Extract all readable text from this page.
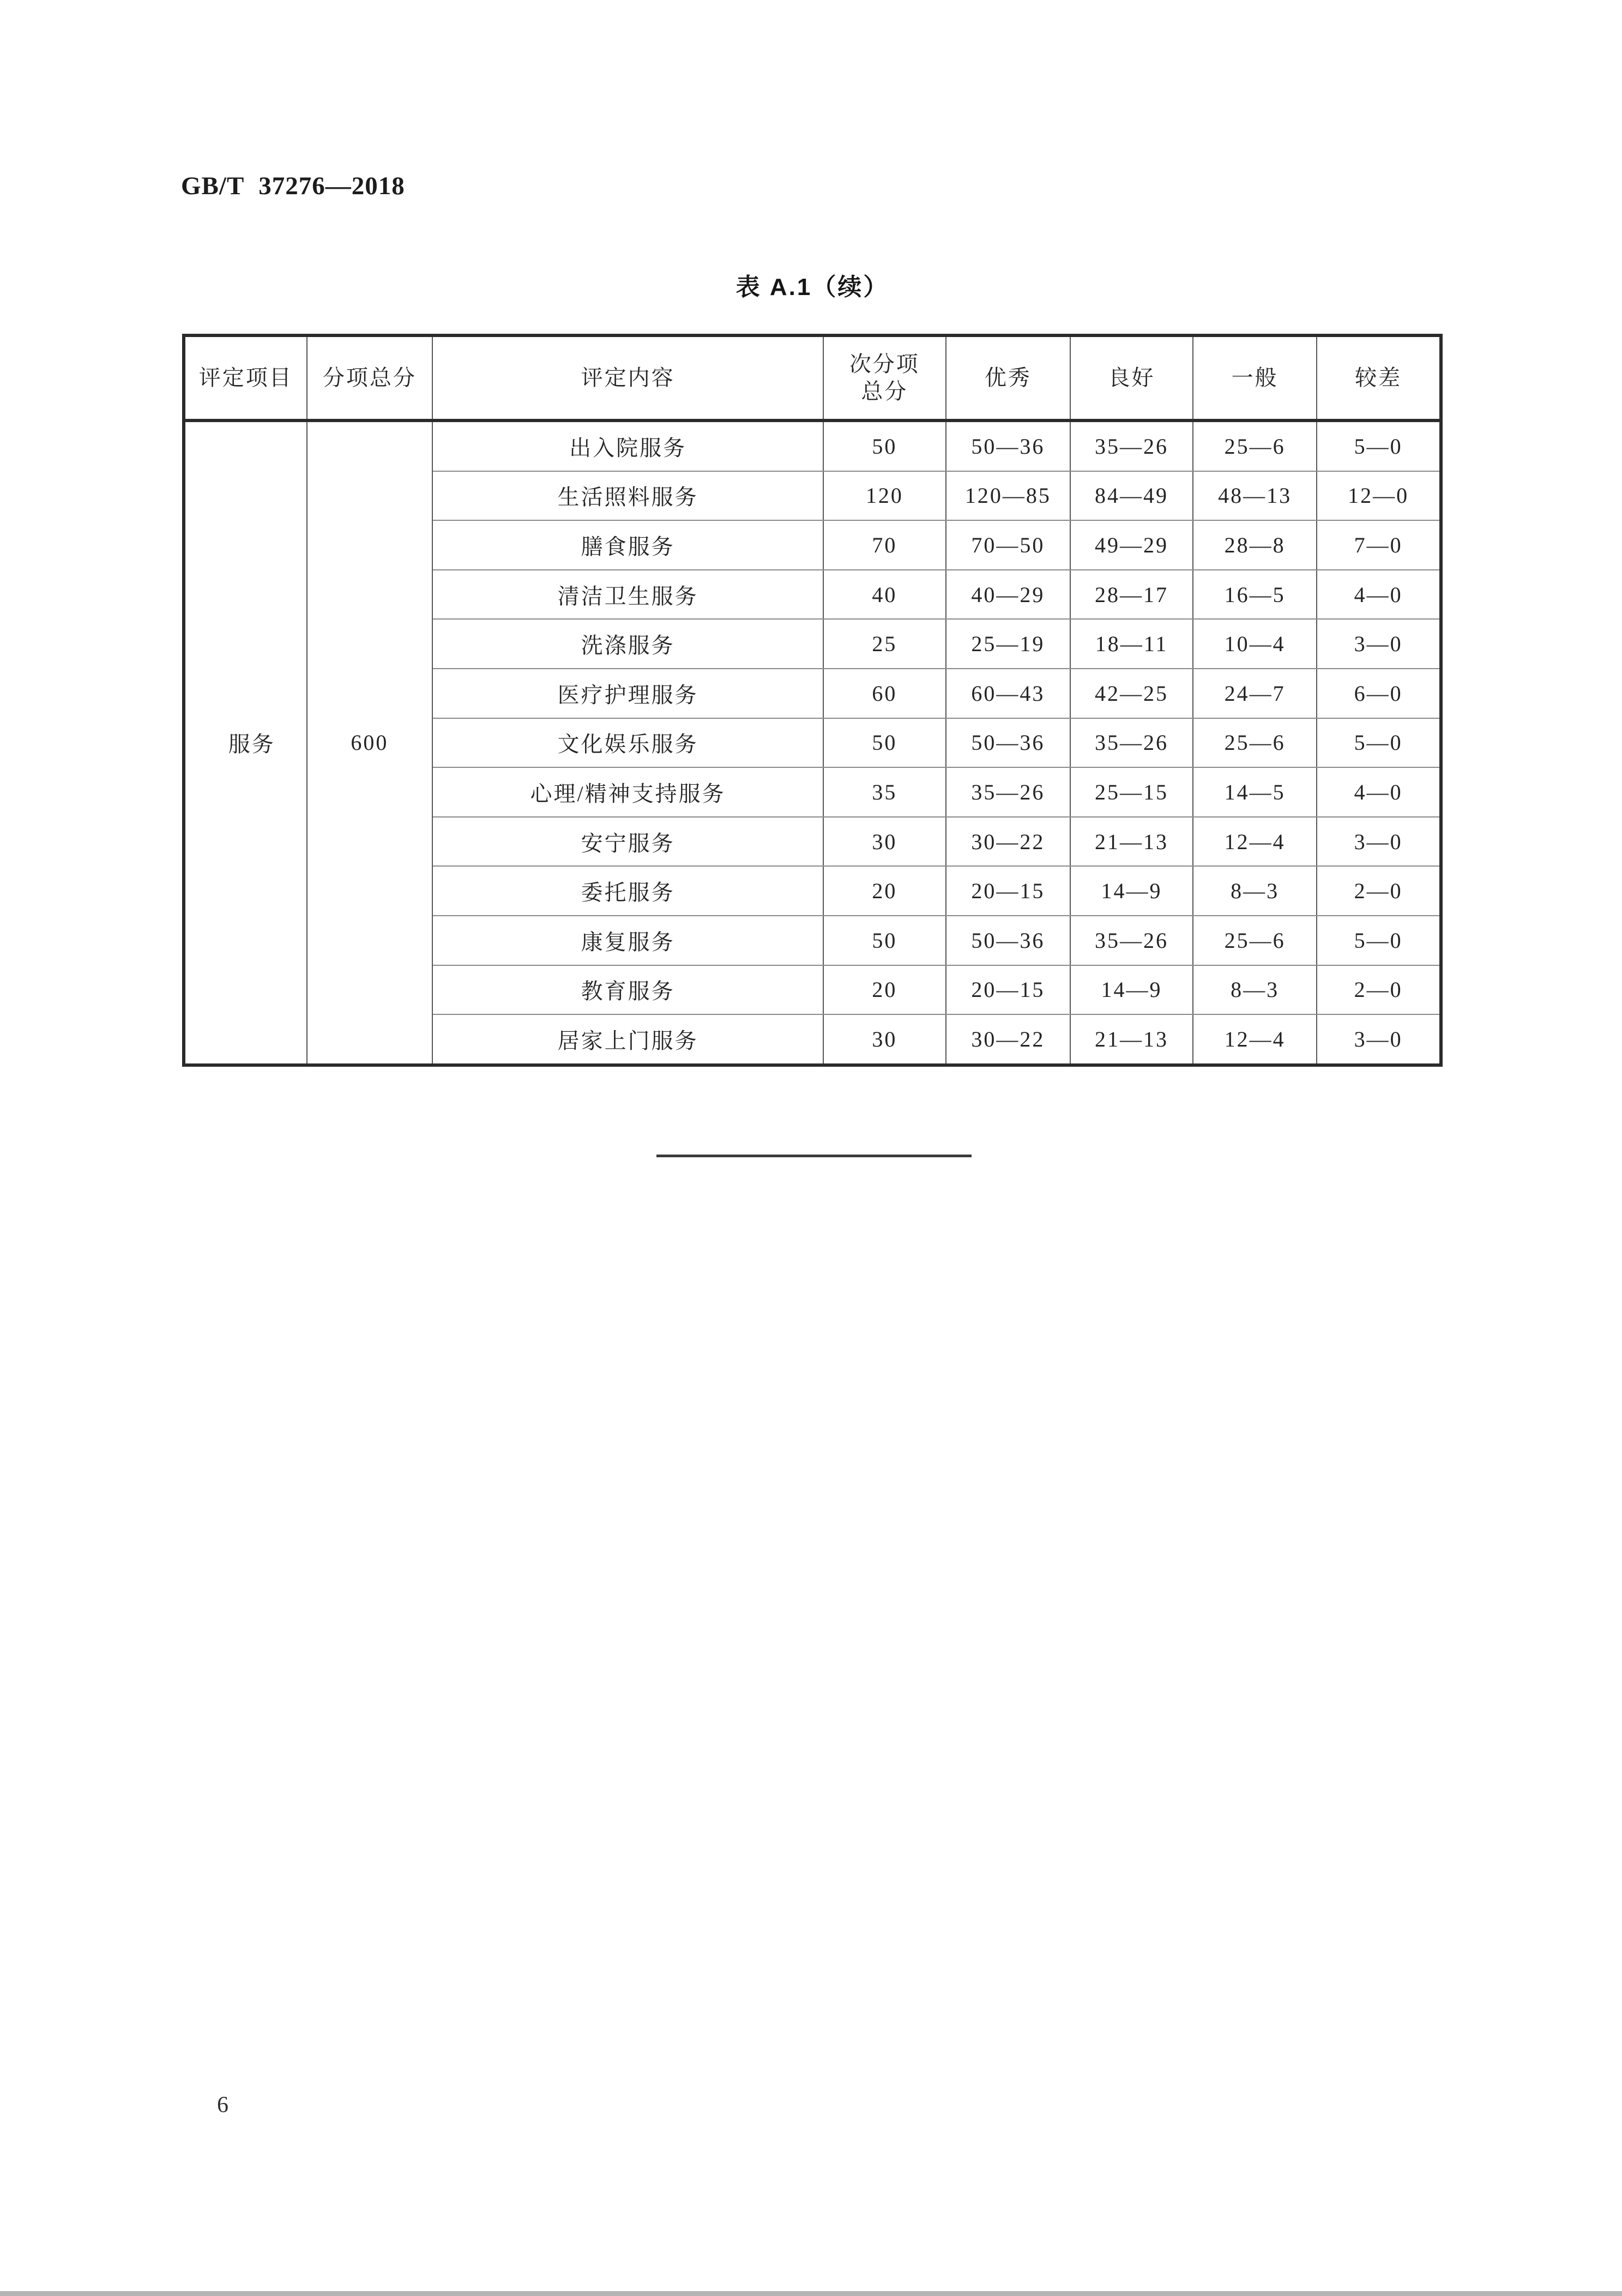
GB/T 37276—2018
表 A.1（续）
评定项目	分项总分	评定内容	次分项
总分	优秀	良好	一般	较差
服务	600	出入院服务	50	50—36	35—26	25—6	5—0
		生活照料服务	120	120—85	84—49	48—13	12—0
		膳食服务	70	70—50	49—29	28—8	7—0
		清洁卫生服务	40	40—29	28—17	16—5	4—0
		洗涤服务	25	25—19	18—11	10—4	3—0
		医疗护理服务	60	60—43	42—25	24—7	6—0
		文化娱乐服务	50	50—36	35—26	25—6	5—0
		心理/精神支持服务	35	35—26	25—15	14—5	4—0
		安宁服务	30	30—22	21—13	12—4	3—0
		委托服务	20	20—15	14—9	8—3	2—0
		康复服务	50	50—36	35—26	25—6	5—0
		教育服务	20	20—15	14—9	8—3	2—0
		居家上门服务	30	30—22	21—13	12—4	3—0
6
